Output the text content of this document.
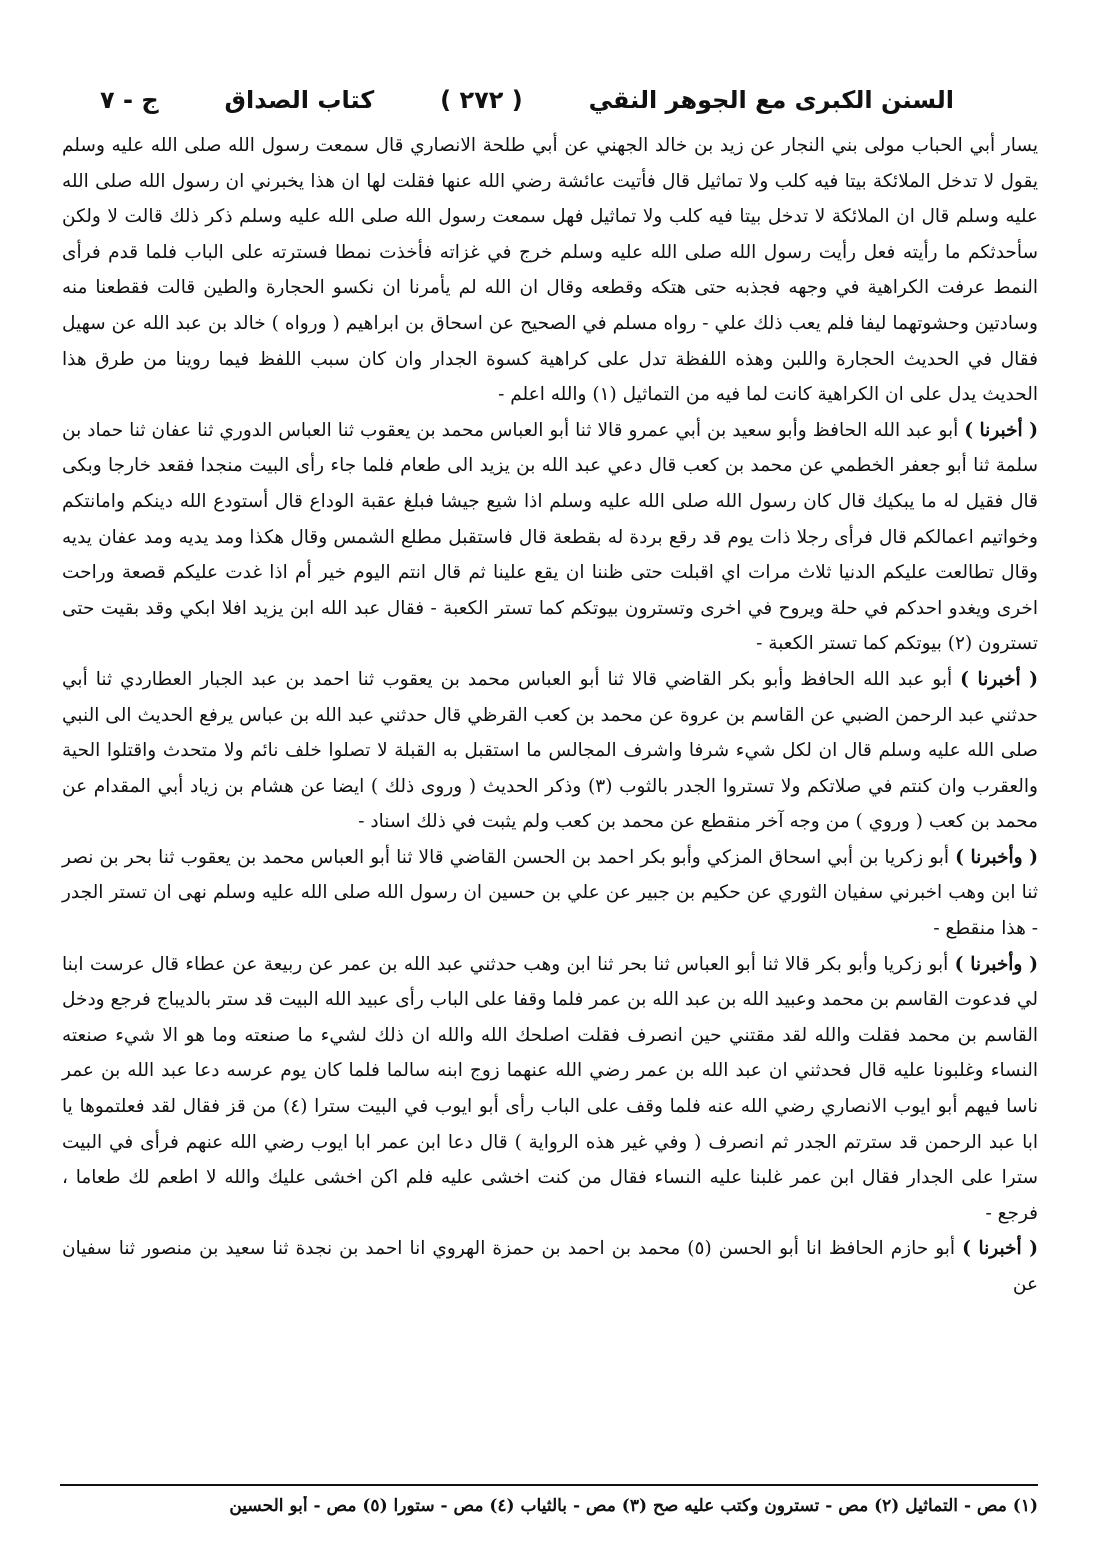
السنن الكبرى مع الجوهر النقي
( ٢٧٢ )
كتاب الصداق
ج - ٧

يسار أبي الحباب مولى بني النجار عن زيد بن خالد الجهني عن أبي طلحة الانصاري قال سمعت رسول الله صلى الله عليه وسلم يقول لا تدخل الملائكة بيتا فيه كلب ولا تماثيل قال فأتيت عائشة رضي الله عنها فقلت لها ان هذا يخبرني ان رسول الله صلى الله عليه وسلم قال ان الملائكة لا تدخل بيتا فيه كلب ولا تماثيل فهل سمعت رسول الله صلى الله عليه وسلم ذكر ذلك قالت لا ولكن سأحدثكم ما رأيته فعل رأيت رسول الله صلى الله عليه وسلم خرج في غزاته فأخذت نمطا فسترته على الباب فلما قدم فرأى النمط عرفت الكراهية في وجهه فجذبه حتى هتكه وقطعه وقال ان الله لم يأمرنا ان نكسو الحجارة والطين قالت فقطعنا منه وسادتين وحشوتهما ليفا فلم يعب ذلك علي - رواه مسلم في الصحيح عن اسحاق بن ابراهيم ( ورواه ) خالد بن عبد الله عن سهيل فقال في الحديث الحجارة واللبن وهذه اللفظة تدل على كراهية كسوة الجدار وان كان سبب اللفظ فيما روينا من طرق هذا الحديث يدل على ان الكراهية كانت لما فيه من التماثيل (١) والله اعلم -

( أخبرنا ) أبو عبد الله الحافظ وأبو سعيد بن أبي عمرو قالا ثنا أبو العباس محمد بن يعقوب ثنا العباس الدوري ثنا عفان ثنا حماد بن سلمة ثنا أبو جعفر الخطمي عن محمد بن كعب قال دعي عبد الله بن يزيد الى طعام فلما جاء رأى البيت منجدا فقعد خارجا وبكى قال فقيل له ما يبكيك قال كان رسول الله صلى الله عليه وسلم اذا شيع جيشا فبلغ عقبة الوداع قال أستودع الله دينكم وامانتكم وخواتيم اعمالكم قال فرأى رجلا ذات يوم قد رقع بردة له بقطعة قال فاستقبل مطلع الشمس وقال هكذا ومد يديه ومد عفان يديه وقال تطالعت عليكم الدنيا ثلاث مرات اي اقبلت حتى ظننا ان يقع علينا ثم قال انتم اليوم خير أم اذا غدت عليكم قصعة وراحت اخرى ويغدو احدكم في حلة ويروح في اخرى وتسترون بيوتكم كما تستر الكعبة - فقال عبد الله ابن يزيد افلا ابكي وقد بقيت حتى تسترون (٢) بيوتكم كما تستر الكعبة -

( أخبرنا ) أبو عبد الله الحافظ وأبو بكر القاضي قالا ثنا أبو العباس محمد بن يعقوب ثنا احمد بن عبد الجبار العطاردي ثنا أبي حدثني عبد الرحمن الضبي عن القاسم بن عروة عن محمد بن كعب القرظي قال حدثني عبد الله بن عباس يرفع الحديث الى النبي صلى الله عليه وسلم قال ان لكل شيء شرفا واشرف المجالس ما استقبل به القبلة لا تصلوا خلف نائم ولا متحدث واقتلوا الحية والعقرب وان كنتم في صلاتكم ولا تستروا الجدر بالثوب (٣) وذكر الحديث ( وروى ذلك ) ايضا عن هشام بن زياد أبي المقدام عن محمد بن كعب ( وروي ) من وجه آخر منقطع عن محمد بن كعب ولم يثبت في ذلك اسناد -

( وأخبرنا ) أبو زكريا بن أبي اسحاق المزكي وأبو بكر احمد بن الحسن القاضي قالا ثنا أبو العباس محمد بن يعقوب ثنا بحر بن نصر ثنا ابن وهب اخبرني سفيان الثوري عن حكيم بن جبير عن علي بن حسين ان رسول الله صلى الله عليه وسلم نهى ان تستر الجدر - هذا منقطع -

( وأخبرنا ) أبو زكريا وأبو بكر قالا ثنا أبو العباس ثنا بحر ثنا ابن وهب حدثني عبد الله بن عمر عن ربيعة عن عطاء قال عرست ابنا لي فدعوت القاسم بن محمد وعبيد الله بن عبد الله بن عمر فلما وقفا على الباب رأى عبيد الله البيت قد ستر بالديباج فرجع ودخل القاسم بن محمد فقلت والله لقد مقتني حين انصرف فقلت اصلحك الله والله ان ذلك لشيء ما صنعته وما هو الا شيء صنعته النساء وغلبونا عليه قال فحدثني ان عبد الله بن عمر رضي الله عنهما زوج ابنه سالما فلما كان يوم عرسه دعا عبد الله بن عمر ناسا فيهم أبو ايوب الانصاري رضي الله عنه فلما وقف على الباب رأى أبو ايوب في البيت سترا (٤) من قز فقال لقد فعلتموها يا ابا عبد الرحمن قد سترتم الجدر ثم انصرف ( وفي غير هذه الرواية ) قال دعا ابن عمر ابا ايوب رضي الله عنهم فرأى في البيت سترا على الجدار فقال ابن عمر غلبنا عليه النساء فقال من كنت اخشى عليه فلم اكن اخشى عليك والله لا اطعم لك طعاما ، فرجع -

( أخبرنا ) أبو حازم الحافظ انا أبو الحسن (٥) محمد بن احمد بن حمزة الهروي انا احمد بن نجدة ثنا سعيد بن منصور ثنا سفيان عن

(١) مص - التماثيل (٢) مص - تسترون وكتب عليه صح (٣) مص - بالثياب (٤) مص - ستورا (٥) مص - أبو الحسين
